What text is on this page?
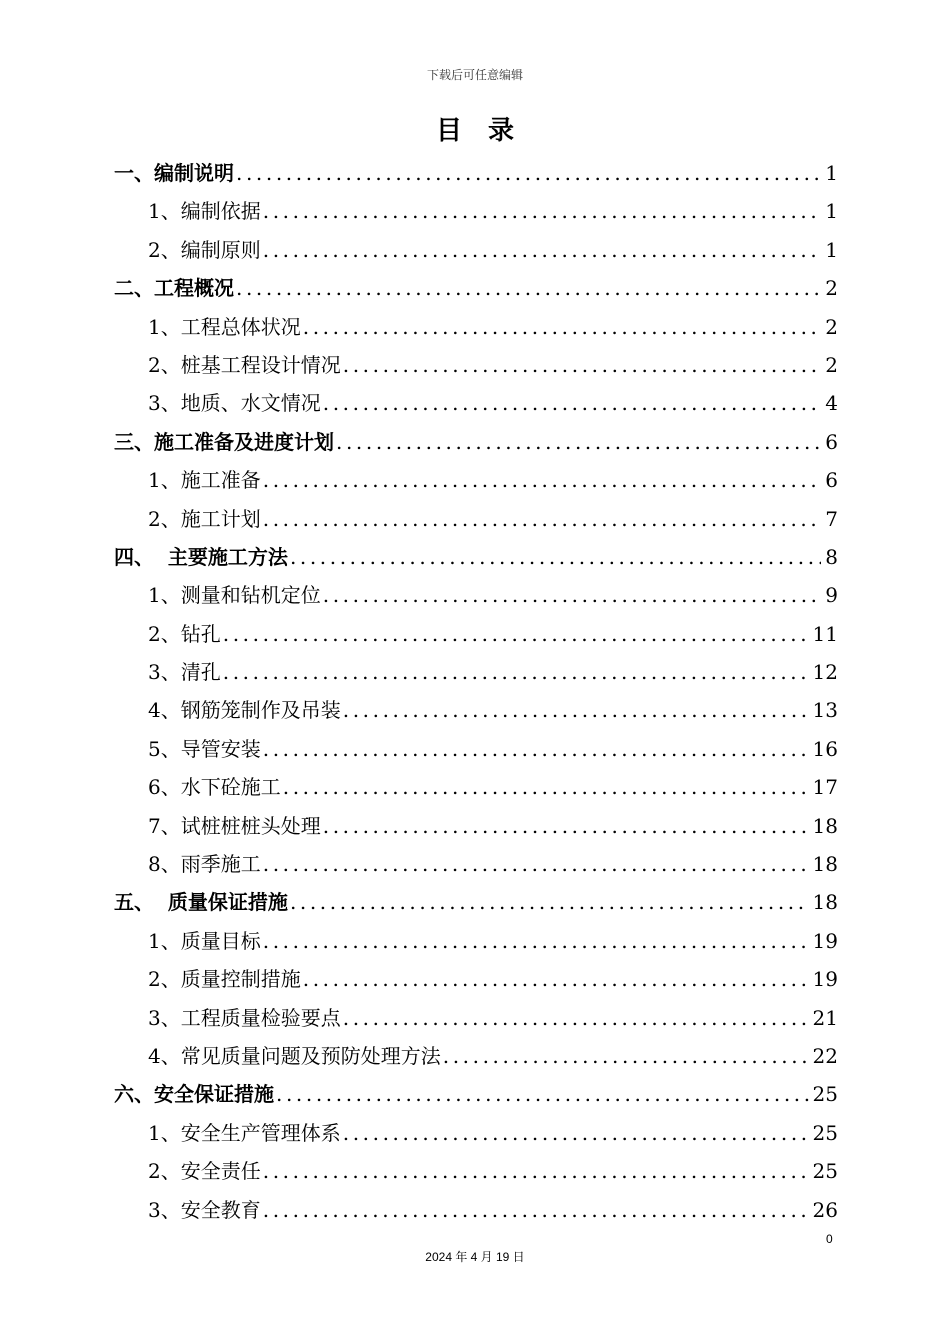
下载后可任意编辑
目录
一、编制说明 .....	1
1、编制依据 .....	1
2、编制原则 .....	1
二、工程概况 .....	2
1、工程总体状况 .....	2
2、桩基工程设计情况 .....	2
3、地质、水文情况 .....	4
三、施工准备及进度计划 .....	6
1、施工准备 .....	6
2、施工计划 .....	7
四、  主要施工方法 .....	8
1、测量和钻机定位 .....	9
2、钻孔 .....	11
3、清孔 .....	12
4、钢筋笼制作及吊装 .....	13
5、导管安装 .....	16
6、水下砼施工 .....	17
7、试桩桩桩头处理 .....	18
8、雨季施工 .....	18
五、  质量保证措施 .....	18
1、质量目标 .....	19
2、质量控制措施 .....	19
3、工程质量检验要点 .....	21
4、常见质量问题及预防处理方法 .....	22
六、安全保证措施 .....	25
1、安全生产管理体系 .....	25
2、安全责任 .....	25
3、安全教育 .....	26
0
2024 年 4 月 19 日
